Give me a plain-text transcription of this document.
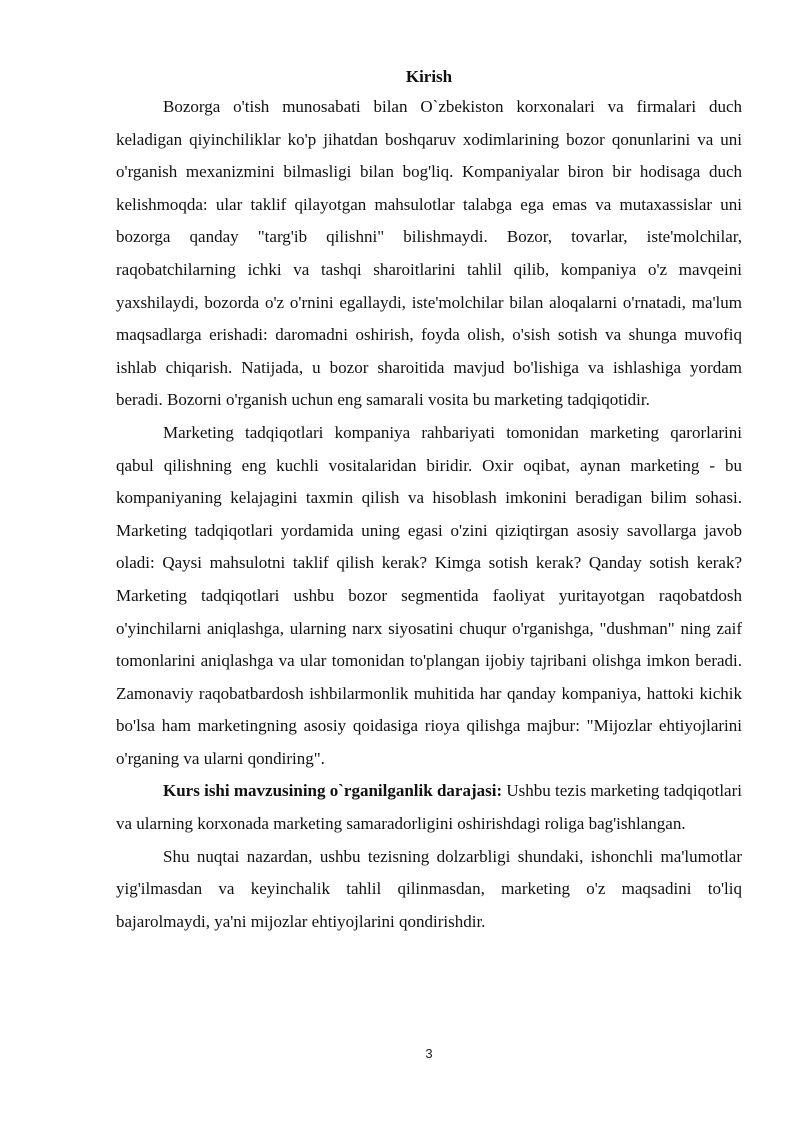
Kirish

Bozorga o'tish munosabati bilan O`zbekiston korxonalari va firmalari duch keladigan qiyinchiliklar ko'p jihatdan boshqaruv xodimlarining bozor qonunlarini va uni o'rganish mexanizmini bilmasligi bilan bog'liq. Kompaniyalar biron bir hodisaga duch kelishmoqda: ular taklif qilayotgan mahsulotlar talabga ega emas va mutaxassislar uni bozorga qanday "targ'ib qilishni" bilishmaydi. Bozor, tovarlar, iste'molchilar, raqobatchilarning ichki va tashqi sharoitlarini tahlil qilib, kompaniya o'z mavqeini yaxshilaydi, bozorda o'z o'rnini egallaydi, iste'molchilar bilan aloqalarni o'rnatadi, ma'lum maqsadlarga erishadi: daromadni oshirish, foyda olish, o'sish sotish va shunga muvofiq ishlab chiqarish. Natijada, u bozor sharoitida mavjud bo'lishiga va ishlashiga yordam beradi. Bozorni o'rganish uchun eng samarali vosita bu marketing tadqiqotidir.

Marketing tadqiqotlari kompaniya rahbariyati tomonidan marketing qarorlarini qabul qilishning eng kuchli vositalaridan biridir. Oxir oqibat, aynan marketing - bu kompaniyaning kelajagini taxmin qilish va hisoblash imkonini beradigan bilim sohasi. Marketing tadqiqotlari yordamida uning egasi o'zini qiziqtirgan asosiy savollarga javob oladi: Qaysi mahsulotni taklif qilish kerak? Kimga sotish kerak? Qanday sotish kerak? Marketing tadqiqotlari ushbu bozor segmentida faoliyat yuritayotgan raqobatdosh o'yinchilarni aniqlashga, ularning narx siyosatini chuqur o'rganishga, "dushman" ning zaif tomonlarini aniqlashga va ular tomonidan to'plangan ijobiy tajribani olishga imkon beradi. Zamonaviy raqobatbardosh ishbilarmonlik muhitida har qanday kompaniya, hattoki kichik bo'lsa ham marketingning asosiy qoidasiga rioya qilishga majbur: "Mijozlar ehtiyojlarini o'rganing va ularni qondiring".

Kurs ishi mavzusining o`rganilganlik darajasi: Ushbu tezis marketing tadqiqotlari va ularning korxonada marketing samaradorligini oshirishdagi roliga bag'ishlangan.

Shu nuqtai nazardan, ushbu tezisning dolzarbligi shundaki, ishonchli ma'lumotlar yig'ilmasdan va keyinchalik tahlil qilinmasdan, marketing o'z maqsadini to'liq bajarolmaydi, ya'ni mijozlar ehtiyojlarini qondirishdir.

3
